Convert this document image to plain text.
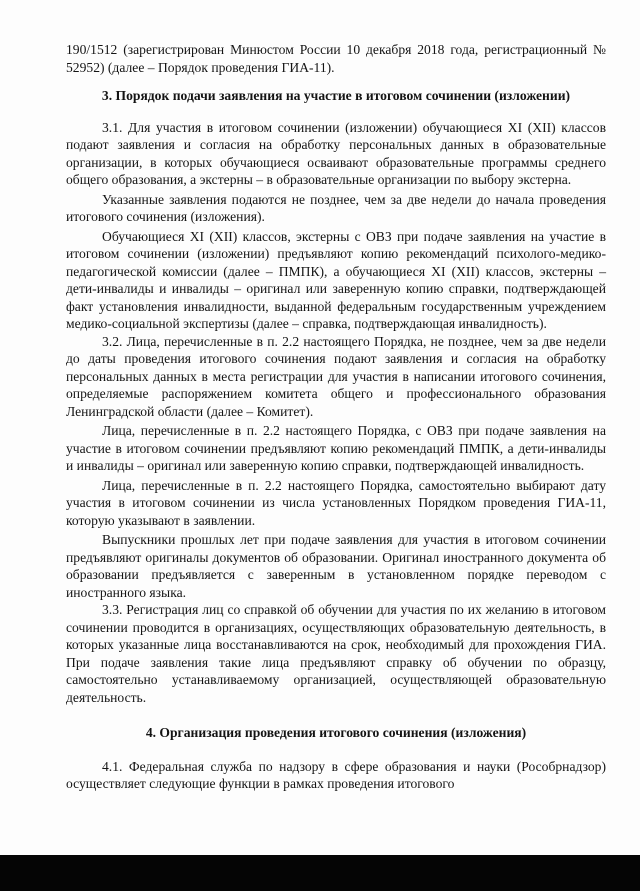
190/1512 (зарегистрирован Минюстом России 10 декабря 2018 года, регистрационный № 52952) (далее – Порядок проведения ГИА-11).

3. Порядок подачи заявления на участие в итоговом сочинении (изложении)

3.1. Для участия в итоговом сочинении (изложении) обучающиеся XI (XII) классов подают заявления и согласия на обработку персональных данных в образовательные организации, в которых обучающиеся осваивают образовательные программы среднего общего образования, а экстерны – в образовательные организации по выбору экстерна.

Указанные заявления подаются не позднее, чем за две недели до начала проведения итогового сочинения (изложения).

Обучающиеся XI (XII) классов, экстерны с ОВЗ при подаче заявления на участие в итоговом сочинении (изложении) предъявляют копию рекомендаций психолого-медико-педагогической комиссии (далее – ПМПК), а обучающиеся XI (XII) классов, экстерны – дети-инвалиды и инвалиды – оригинал или заверенную копию справки, подтверждающей факт установления инвалидности, выданной федеральным государственным учреждением медико-социальной экспертизы (далее – справка, подтверждающая инвалидность).

3.2. Лица, перечисленные в п. 2.2 настоящего Порядка, не позднее, чем за две недели до даты проведения итогового сочинения подают заявления и согласия на обработку персональных данных в места регистрации для участия в написании итогового сочинения, определяемые распоряжением комитета общего и профессионального образования Ленинградской области (далее – Комитет).

Лица, перечисленные в п. 2.2 настоящего Порядка, с ОВЗ при подаче заявления на участие в итоговом сочинении предъявляют копию рекомендаций ПМПК, а дети-инвалиды и инвалиды – оригинал или заверенную копию справки, подтверждающей инвалидность.

Лица, перечисленные в п. 2.2 настоящего Порядка, самостоятельно выбирают дату участия в итоговом сочинении из числа установленных Порядком проведения ГИА-11, которую указывают в заявлении.

Выпускники прошлых лет при подаче заявления для участия в итоговом сочинении предъявляют оригиналы документов об образовании. Оригинал иностранного документа об образовании предъявляется с заверенным в установленном порядке переводом с иностранного языка.

3.3. Регистрация лиц со справкой об обучении для участия по их желанию в итоговом сочинении проводится в организациях, осуществляющих образовательную деятельность, в которых указанные лица восстанавливаются на срок, необходимый для прохождения ГИА. При подаче заявления такие лица предъявляют справку об обучении по образцу, самостоятельно устанавливаемому организацией, осуществляющей образовательную деятельность.

4. Организация проведения итогового сочинения (изложения)

4.1. Федеральная служба по надзору в сфере образования и науки (Рособрнадзор) осуществляет следующие функции в рамках проведения итогового
